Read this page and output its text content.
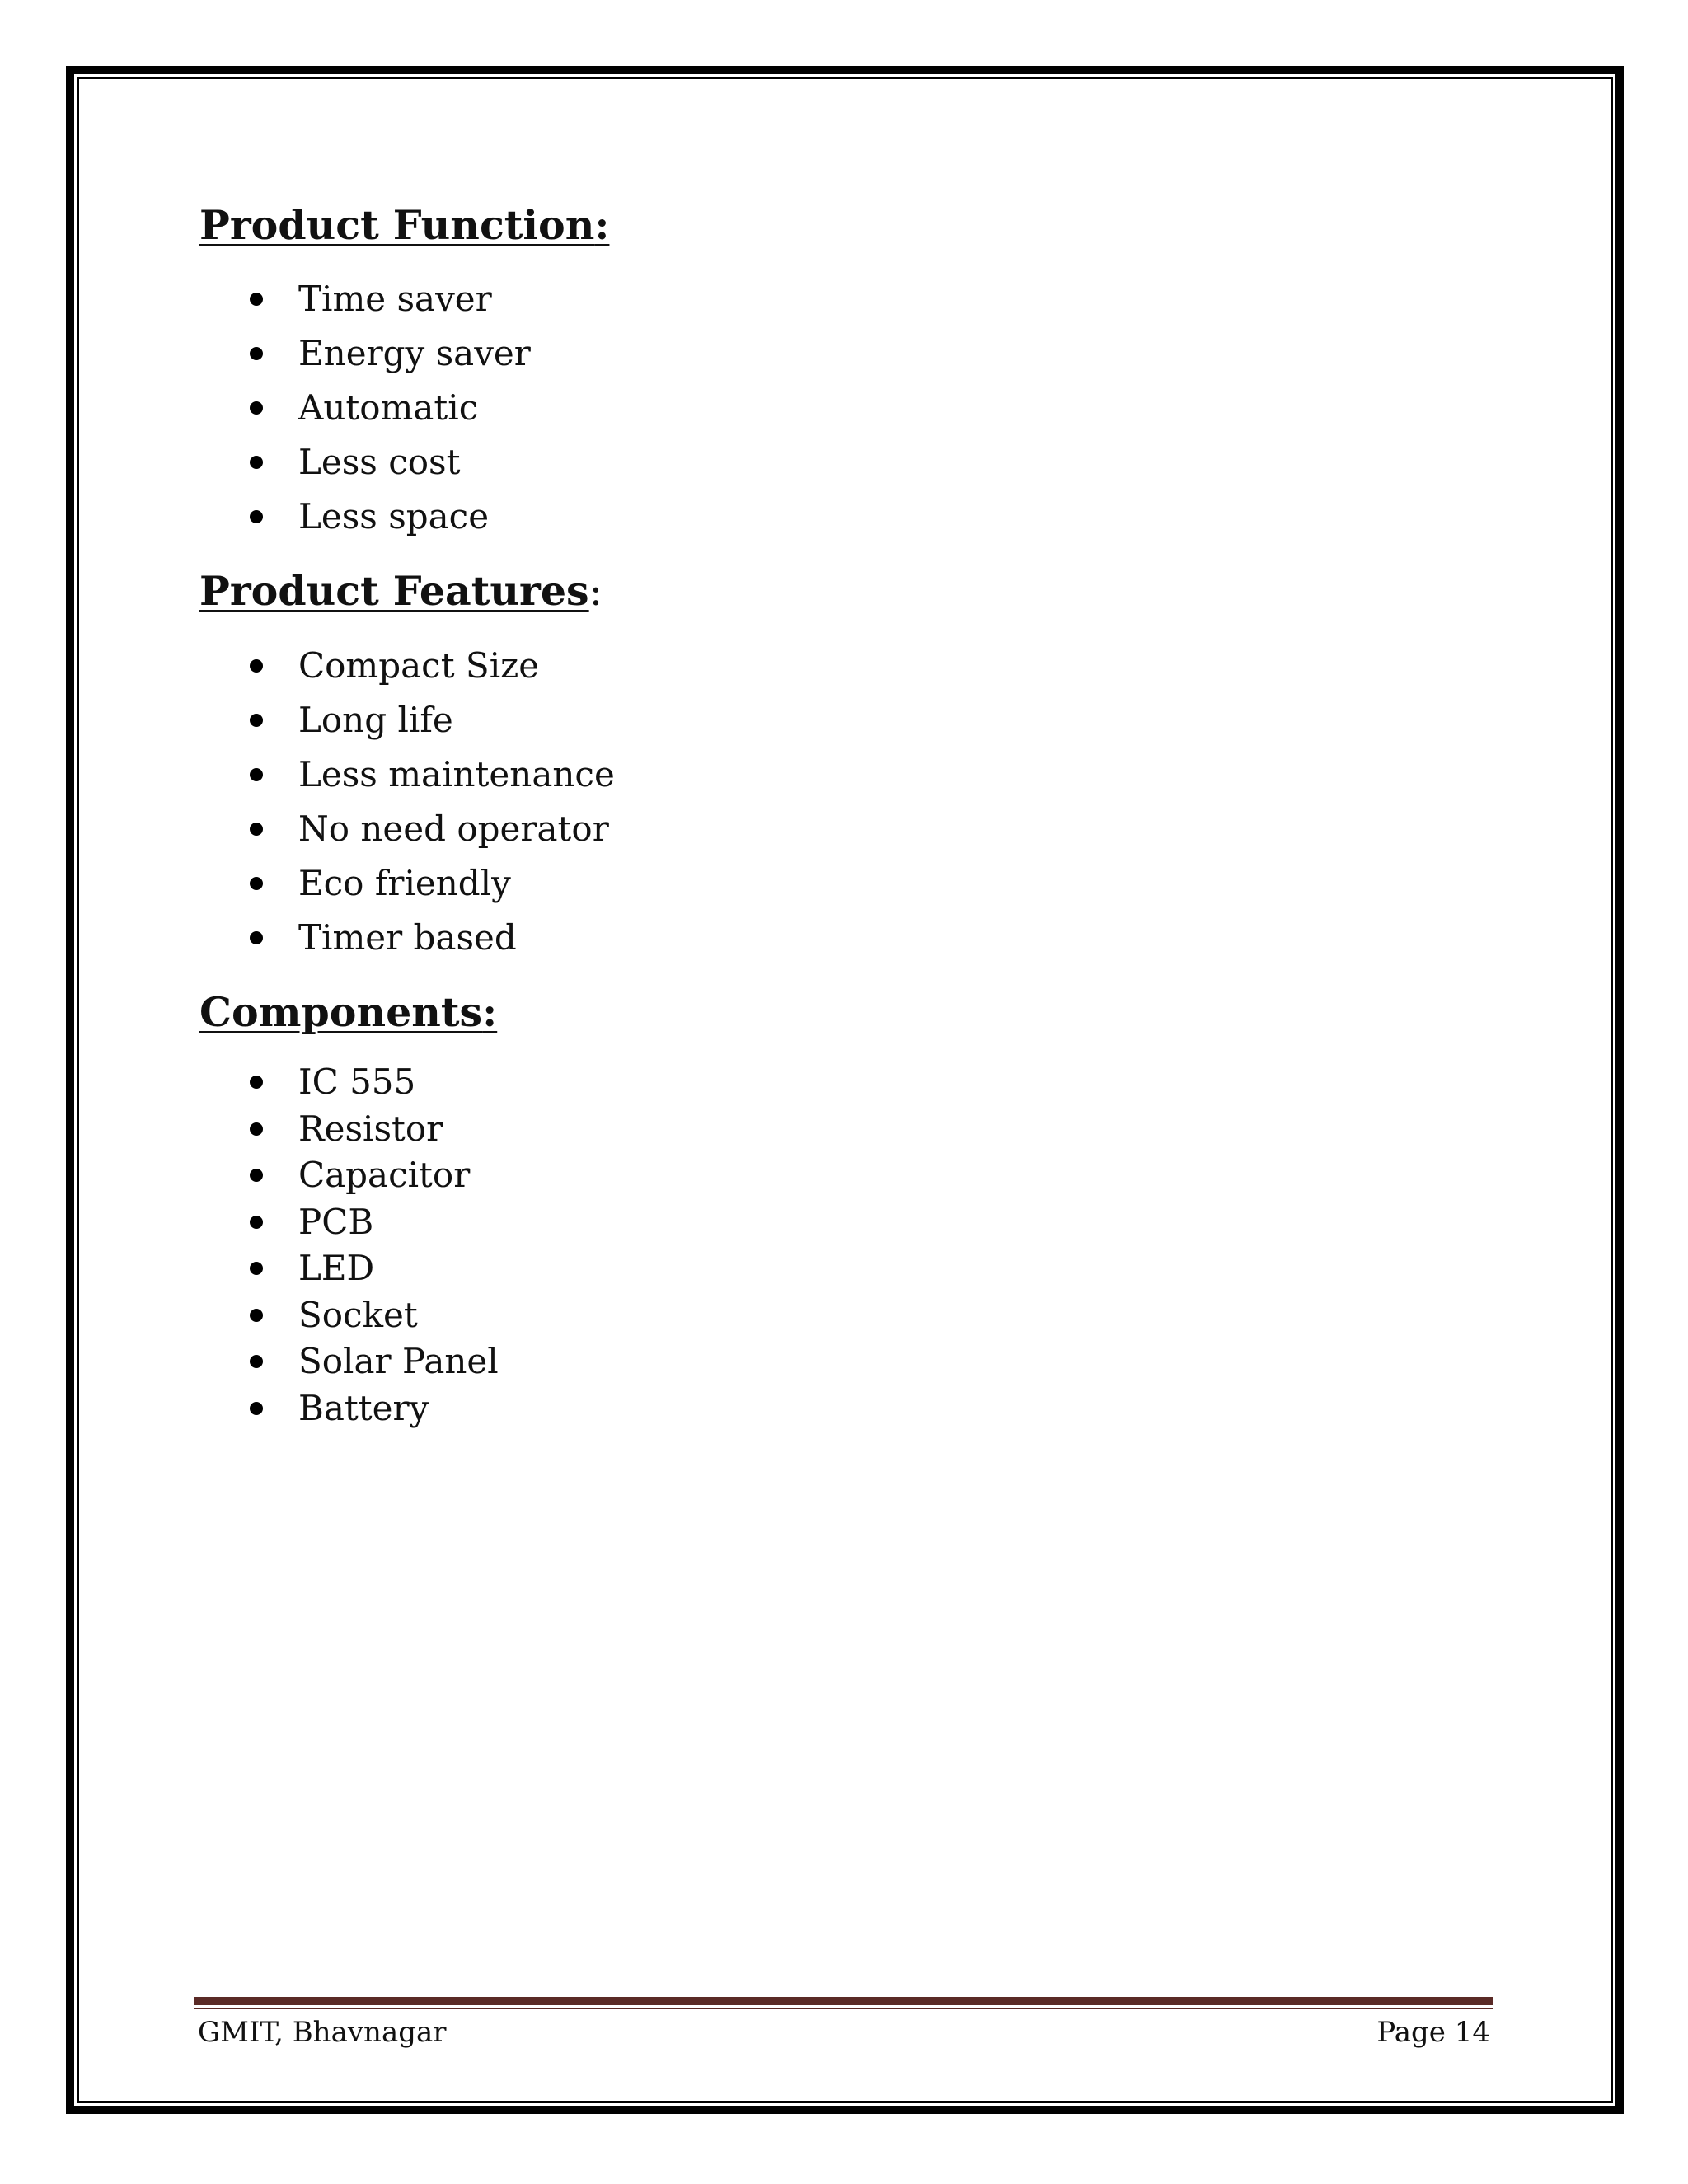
Product Function:
Time saver
Energy saver
Automatic
Less cost
Less space
Product Features:
Compact Size
Long life
Less maintenance
No need operator
Eco friendly
Timer based
Components:
IC 555
Resistor
Capacitor
PCB
LED
Socket
Solar Panel
Battery
GMIT, Bhavnagar	Page 14
